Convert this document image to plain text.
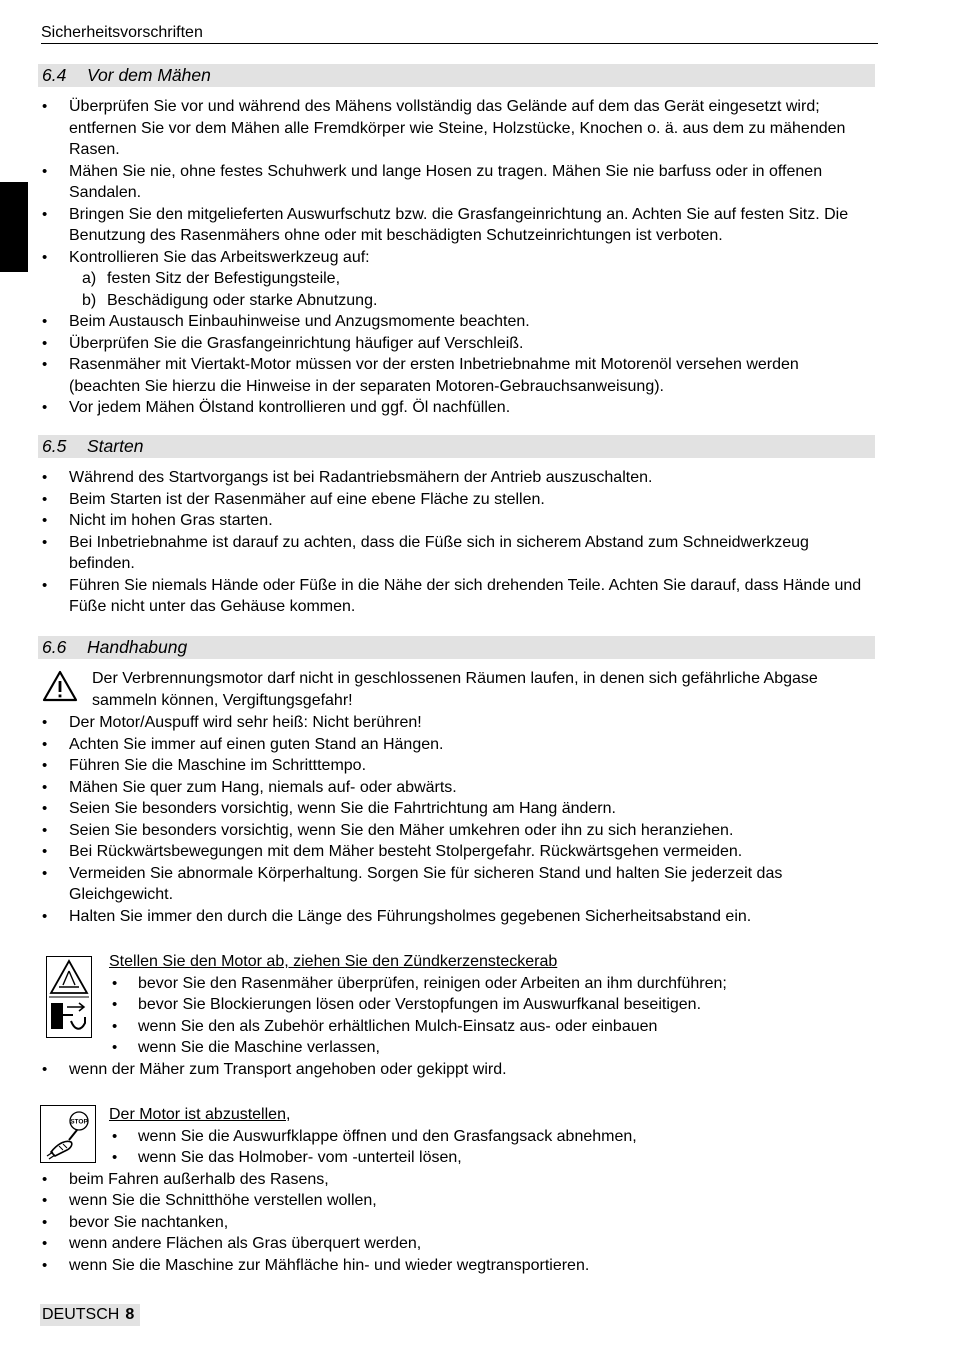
Sicherheitsvorschriften
6.4 Vor dem Mähen
• Überprüfen Sie vor und während des Mähens vollständig das Gelände auf dem das Gerät eingesetzt wird; entfernen Sie vor dem Mähen alle Fremdkörper wie Steine, Holzstücke, Knochen o. ä. aus dem zu mähenden Rasen.
• Mähen Sie nie, ohne festes Schuhwerk und lange Hosen zu tragen. Mähen Sie nie barfuss oder in offenen Sandalen.
• Bringen Sie den mitgelieferten Auswurfschutz bzw. die Grasfangeinrichtung an. Achten Sie auf festen Sitz. Die Benutzung des Rasenmähers ohne oder mit beschädigten Schutzeinrichtungen ist verboten.
• Kontrollieren Sie das Arbeitswerkzeug auf:
a) festen Sitz der Befestigungsteile,
b) Beschädigung oder starke Abnutzung.
• Beim Austausch Einbauhinweise und Anzugsmomente beachten.
• Überprüfen Sie die Grasfangeinrichtung häufiger auf Verschleiß.
• Rasenmäher mit Viertakt-Motor müssen vor der ersten Inbetriebnahme mit Motorenöl versehen werden (beachten Sie hierzu die Hinweise in der separaten Motoren-Gebrauchsanweisung).
• Vor jedem Mähen Ölstand kontrollieren und ggf. Öl nachfüllen.
6.5 Starten
• Während des Startvorgangs ist bei Radantriebsmähern der Antrieb auszuschalten.
• Beim Starten ist der Rasenmäher auf eine ebene Fläche zu stellen.
• Nicht im hohen Gras starten.
• Bei Inbetriebnahme ist darauf zu achten, dass die Füße sich in sicherem Abstand zum Schneidwerkzeug befinden.
• Führen Sie niemals Hände oder Füße in die Nähe der sich drehenden Teile. Achten Sie darauf, dass Hände und Füße nicht unter das Gehäuse kommen.
6.6 Handhabung
Der Verbrennungsmotor darf nicht in geschlossenen Räumen laufen, in denen sich gefährliche Abgase sammeln können, Vergiftungsgefahr!
• Der Motor/Auspuff wird sehr heiß: Nicht berühren!
• Achten Sie immer auf einen guten Stand an Hängen.
• Führen Sie die Maschine im Schritttempo.
• Mähen Sie quer zum Hang, niemals auf- oder abwärts.
• Seien Sie besonders vorsichtig, wenn Sie die Fahrtrichtung am Hang ändern.
• Seien Sie besonders vorsichtig, wenn Sie den Mäher umkehren oder ihn zu sich heranziehen.
• Bei Rückwärtsbewegungen mit dem Mäher besteht Stolpergefahr. Rückwärtsgehen vermeiden.
• Vermeiden Sie abnormale Körperhaltung. Sorgen Sie für sicheren Stand und halten Sie jederzeit das Gleichgewicht.
• Halten Sie immer den durch die Länge des Führungsholmes gegebenen Sicherheitsabstand ein.
Stellen Sie den Motor ab, ziehen Sie den Zündkerzensteckerab
• bevor Sie den Rasenmäher überprüfen, reinigen oder Arbeiten an ihm durchführen;
• bevor Sie Blockierungen lösen oder Verstopfungen im Auswurfkanal beseitigen.
• wenn Sie den als Zubehör erhältlichen Mulch-Einsatz aus- oder einbauen
• wenn Sie die Maschine verlassen,
• wenn der Mäher zum Transport angehoben oder gekippt wird.
STOP	Der Motor ist abzustellen,
• wenn Sie die Auswurfklappe öffnen und den Grasfangsack abnehmen,
• wenn Sie das Holmober- vom -unterteil lösen,
• beim Fahren außerhalb des Rasens,
• wenn Sie die Schnitthöhe verstellen wollen,
• bevor Sie nachtanken,
• wenn andere Flächen als Gras überquert werden,
• wenn Sie die Maschine zur Mähfläche hin- und wieder wegtransportieren.
DEUTSCH 8
